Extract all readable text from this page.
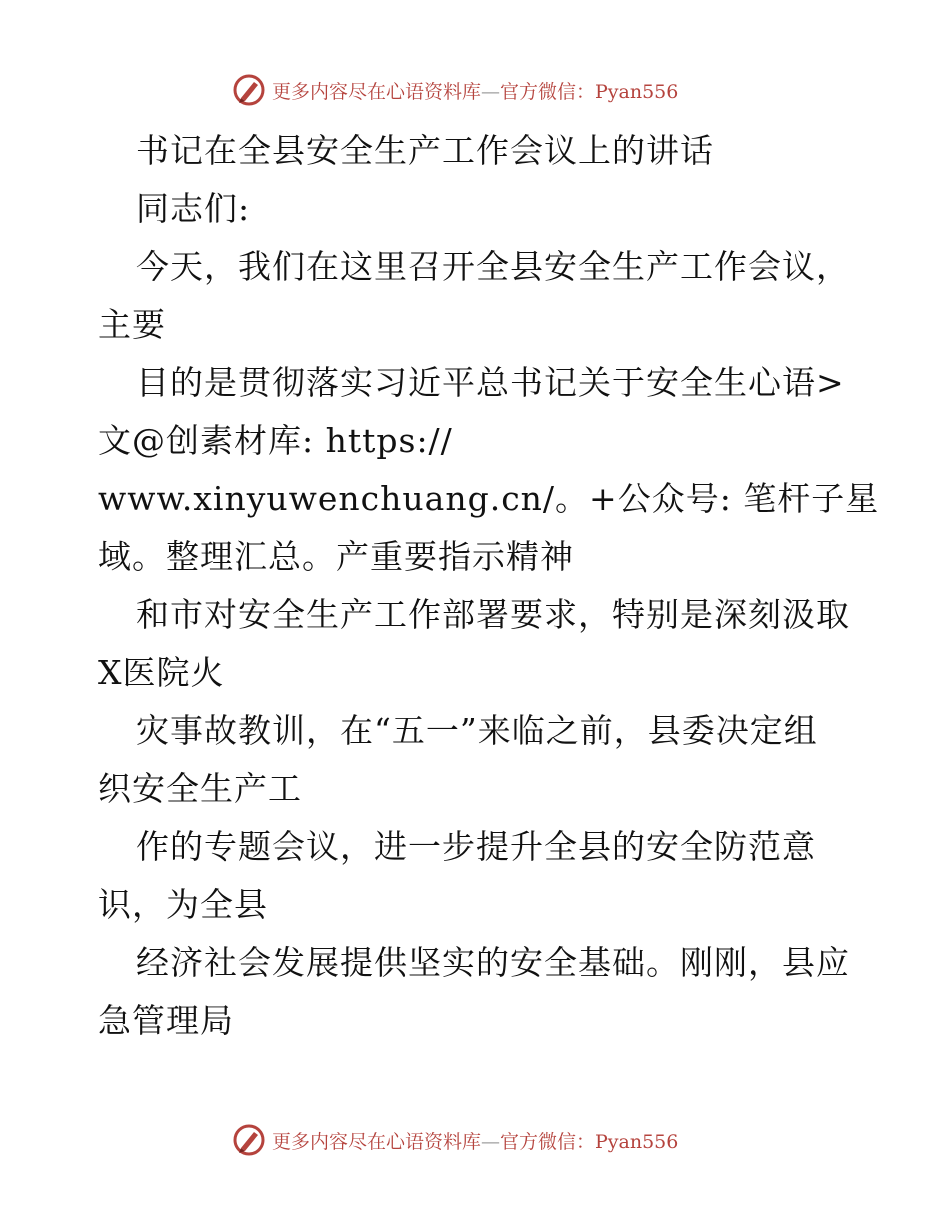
更多内容尽在心语资料库—官方微信：Pyan556
书记在全县安全生产工作会议上的讲话
同志们:
今天，我们在这里召开全县安全生产工作会议，
主要
目的是贯彻落实习近平总书记关于安全生心语>
文@创素材库: https://
www.xinyuwenchuang.cn/。+公众号: 笔杆子星
域。整理汇总。产重要指示精神
和市对安全生产工作部署要求，特别是深刻汲取
X医院火
灾事故教训，在“五一”来临之前，县委决定组
织安全生产工
作的专题会议，进一步提升全县的安全防范意
识，为全县
经济社会发展提供坚实的安全基础。刚刚，县应
急管理局
更多内容尽在心语资料库—官方微信：Pyan556
